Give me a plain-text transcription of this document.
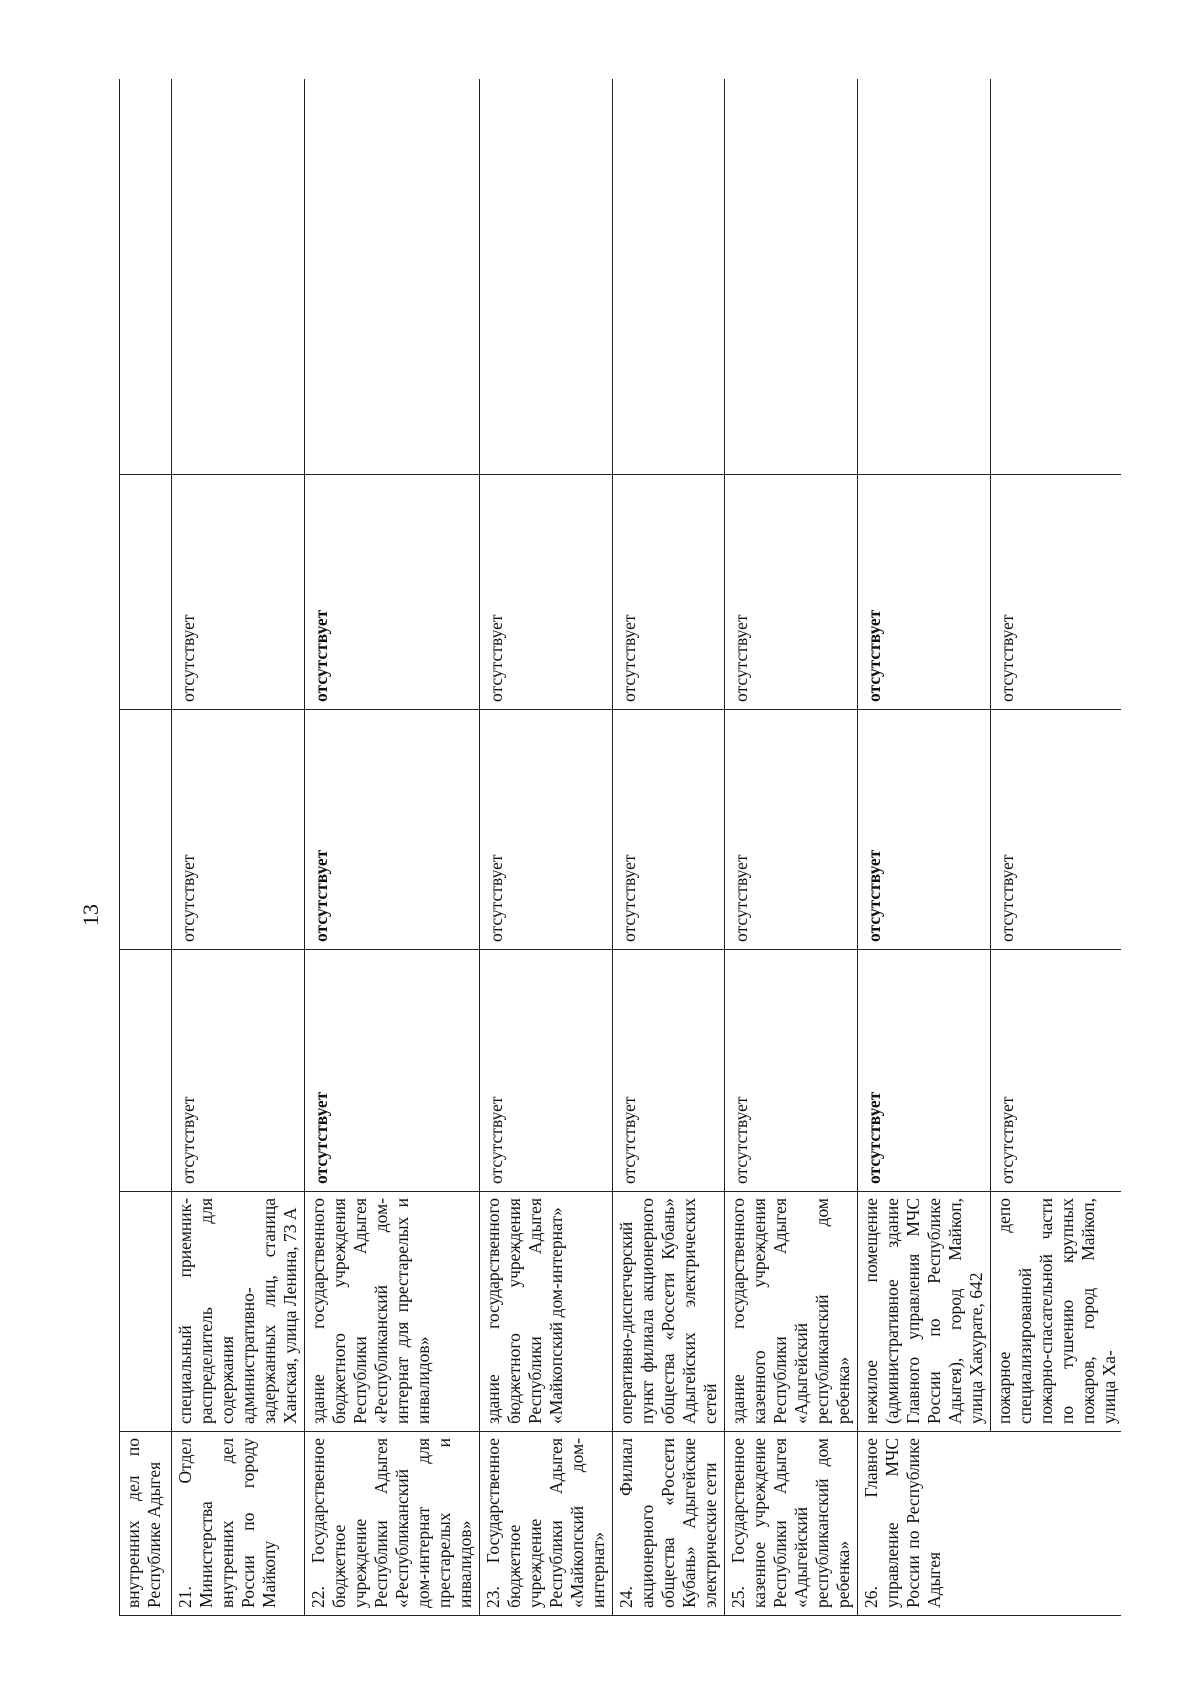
13
внутренних дел по Республике Адыгея					
21. Отдел Министерства внутренних дел России по городу Майкопу	специальный приемник-распределитель для содержания административно-задержанных лиц, станица Ханская, улица Ленина, 73 А	отсутствует	отсутствует	отсутствует	
22. Государственное бюджетное учреждение Республики Адыгея «Республиканский дом-интернат для престарелых и инвалидов»	здание государственного бюджетного учреждения Республики Адыгея «Республиканский дом-интернат для престарелых и инвалидов»	отсутствует	отсутствует	отсутствует	
23. Государственное бюджетное учреждение Республики Адыгея «Майкопский дом-интернат»	здание государственного бюджетного учреждения Республики Адыгея «Майкопский дом-интернат»	отсутствует	отсутствует	отсутствует	
24. Филиал акционерного общества «Россети Кубань» Адыгейские электрические сети	оперативно-диспетчерский пункт филиала акционерного общества «Россети Кубань» Адыгейских электрических сетей	отсутствует	отсутствует	отсутствует	
25. Государственное казенное учреждение Республики Адыгея «Адыгейский республиканский дом ребенка»	здание государственного казенного учреждения Республики Адыгея «Адыгейский республиканский дом ребенка»	отсутствует	отсутствует	отсутствует	
26. Главное управление МЧС России по Республике Адыгея	нежилое помещение (административное здание Главного управления МЧС России по Республике Адыгея), город Майкоп, улица Хакурате, 642	отсутствует	отсутствует	отсутствует	
	пожарное депо специализированной пожарно-спасательной части по тушению крупных пожаров, город Майкоп, улица Ха-	отсутствует	отсутствует	отсутствует	
